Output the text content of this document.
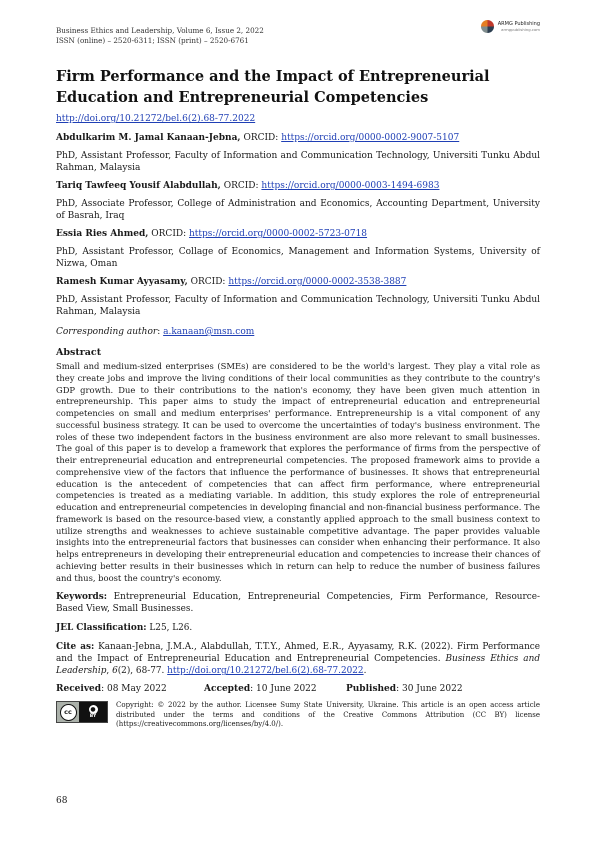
Business Ethics and Leadership, Volume 6, Issue 2, 2022
ISSN (online) – 2520-6311; ISSN (print) – 2520-6761
ARMG Publishing
armgpublishing.com
Firm Performance and the Impact of Entrepreneurial Education and Entrepreneurial Competencies

http://doi.org/10.21272/bel.6(2).68-77.2022

Abdulkarim M. Jamal Kanaan-Jebna, ORCID: https://orcid.org/0000-0002-9007-5107

PhD, Assistant Professor, Faculty of Information and Communication Technology, Universiti Tunku Abdul Rahman, Malaysia

Tariq Tawfeeq Yousif Alabdullah, ORCID: https://orcid.org/0000-0003-1494-6983

PhD, Associate Professor, College of Administration and Economics, Accounting Department, University of Basrah, Iraq

Essia Ries Ahmed, ORCID: https://orcid.org/0000-0002-5723-0718

PhD, Assistant Professor, Collage of Economics, Management and Information Systems, University of Nizwa, Oman

Ramesh Kumar Ayyasamy, ORCID: https://orcid.org/0000-0002-3538-3887

PhD, Assistant Professor, Faculty of Information and Communication Technology, Universiti Tunku Abdul Rahman, Malaysia

Corresponding author: a.kanaan@msn.com

Abstract

Small and medium-sized enterprises (SMEs) are considered to be the world's largest. They play a vital role as they create jobs and improve the living conditions of their local communities as they contribute to the country's GDP growth. Due to their contributions to the nation's economy, they have been given much attention in entrepreneurship. This paper aims to study the impact of entrepreneurial education and entrepreneurial competencies on small and medium enterprises' performance. Entrepreneurship is a vital component of any successful business strategy. It can be used to overcome the uncertainties of today's business environment. The roles of these two independent factors in the business environment are also more relevant to small businesses. The goal of this paper is to develop a framework that explores the performance of firms from the perspective of their entrepreneurial education and entrepreneurial competencies. The proposed framework aims to provide a comprehensive view of the factors that influence the performance of businesses. It shows that entrepreneurial education is the antecedent of competencies that can affect firm performance, where entrepreneurial competencies is treated as a mediating variable. In addition, this study explores the role of entrepreneurial education and entrepreneurial competencies in developing financial and non-financial business performance. The framework is based on the resource-based view, a constantly applied approach to the small business context to utilize strengths and weaknesses to achieve sustainable competitive advantage. The paper provides valuable insights into the entrepreneurial factors that businesses can consider when enhancing their performance. It also helps entrepreneurs in developing their entrepreneurial education and competencies to increase their chances of achieving better results in their businesses which in return can help to reduce the number of business failures and thus, boost the country's economy.

Keywords: Entrepreneurial Education, Entrepreneurial Competencies, Firm Performance, Resource-Based View, Small Businesses.

JEL Classification: L25, L26.

Cite as: Kanaan-Jebna, J.M.A., Alabdullah, T.T.Y., Ahmed, E.R., Ayyasamy, R.K. (2022). Firm Performance and the Impact of Entrepreneurial Education and Entrepreneurial Competencies. Business Ethics and Leadership, 6(2), 68-77. http://doi.org/10.21272/bel.6(2).68-77.2022.

Received: 08 May 2022	Accepted: 10 June 2022	Published: 30 June 2022
cc	●
BY
Copyright: © 2022 by the author. Licensee Sumy State University, Ukraine. This article is an open access article distributed under the terms and conditions of the Creative Commons Attribution (CC BY) license (https://creativecommons.org/licenses/by/4.0/).
68
